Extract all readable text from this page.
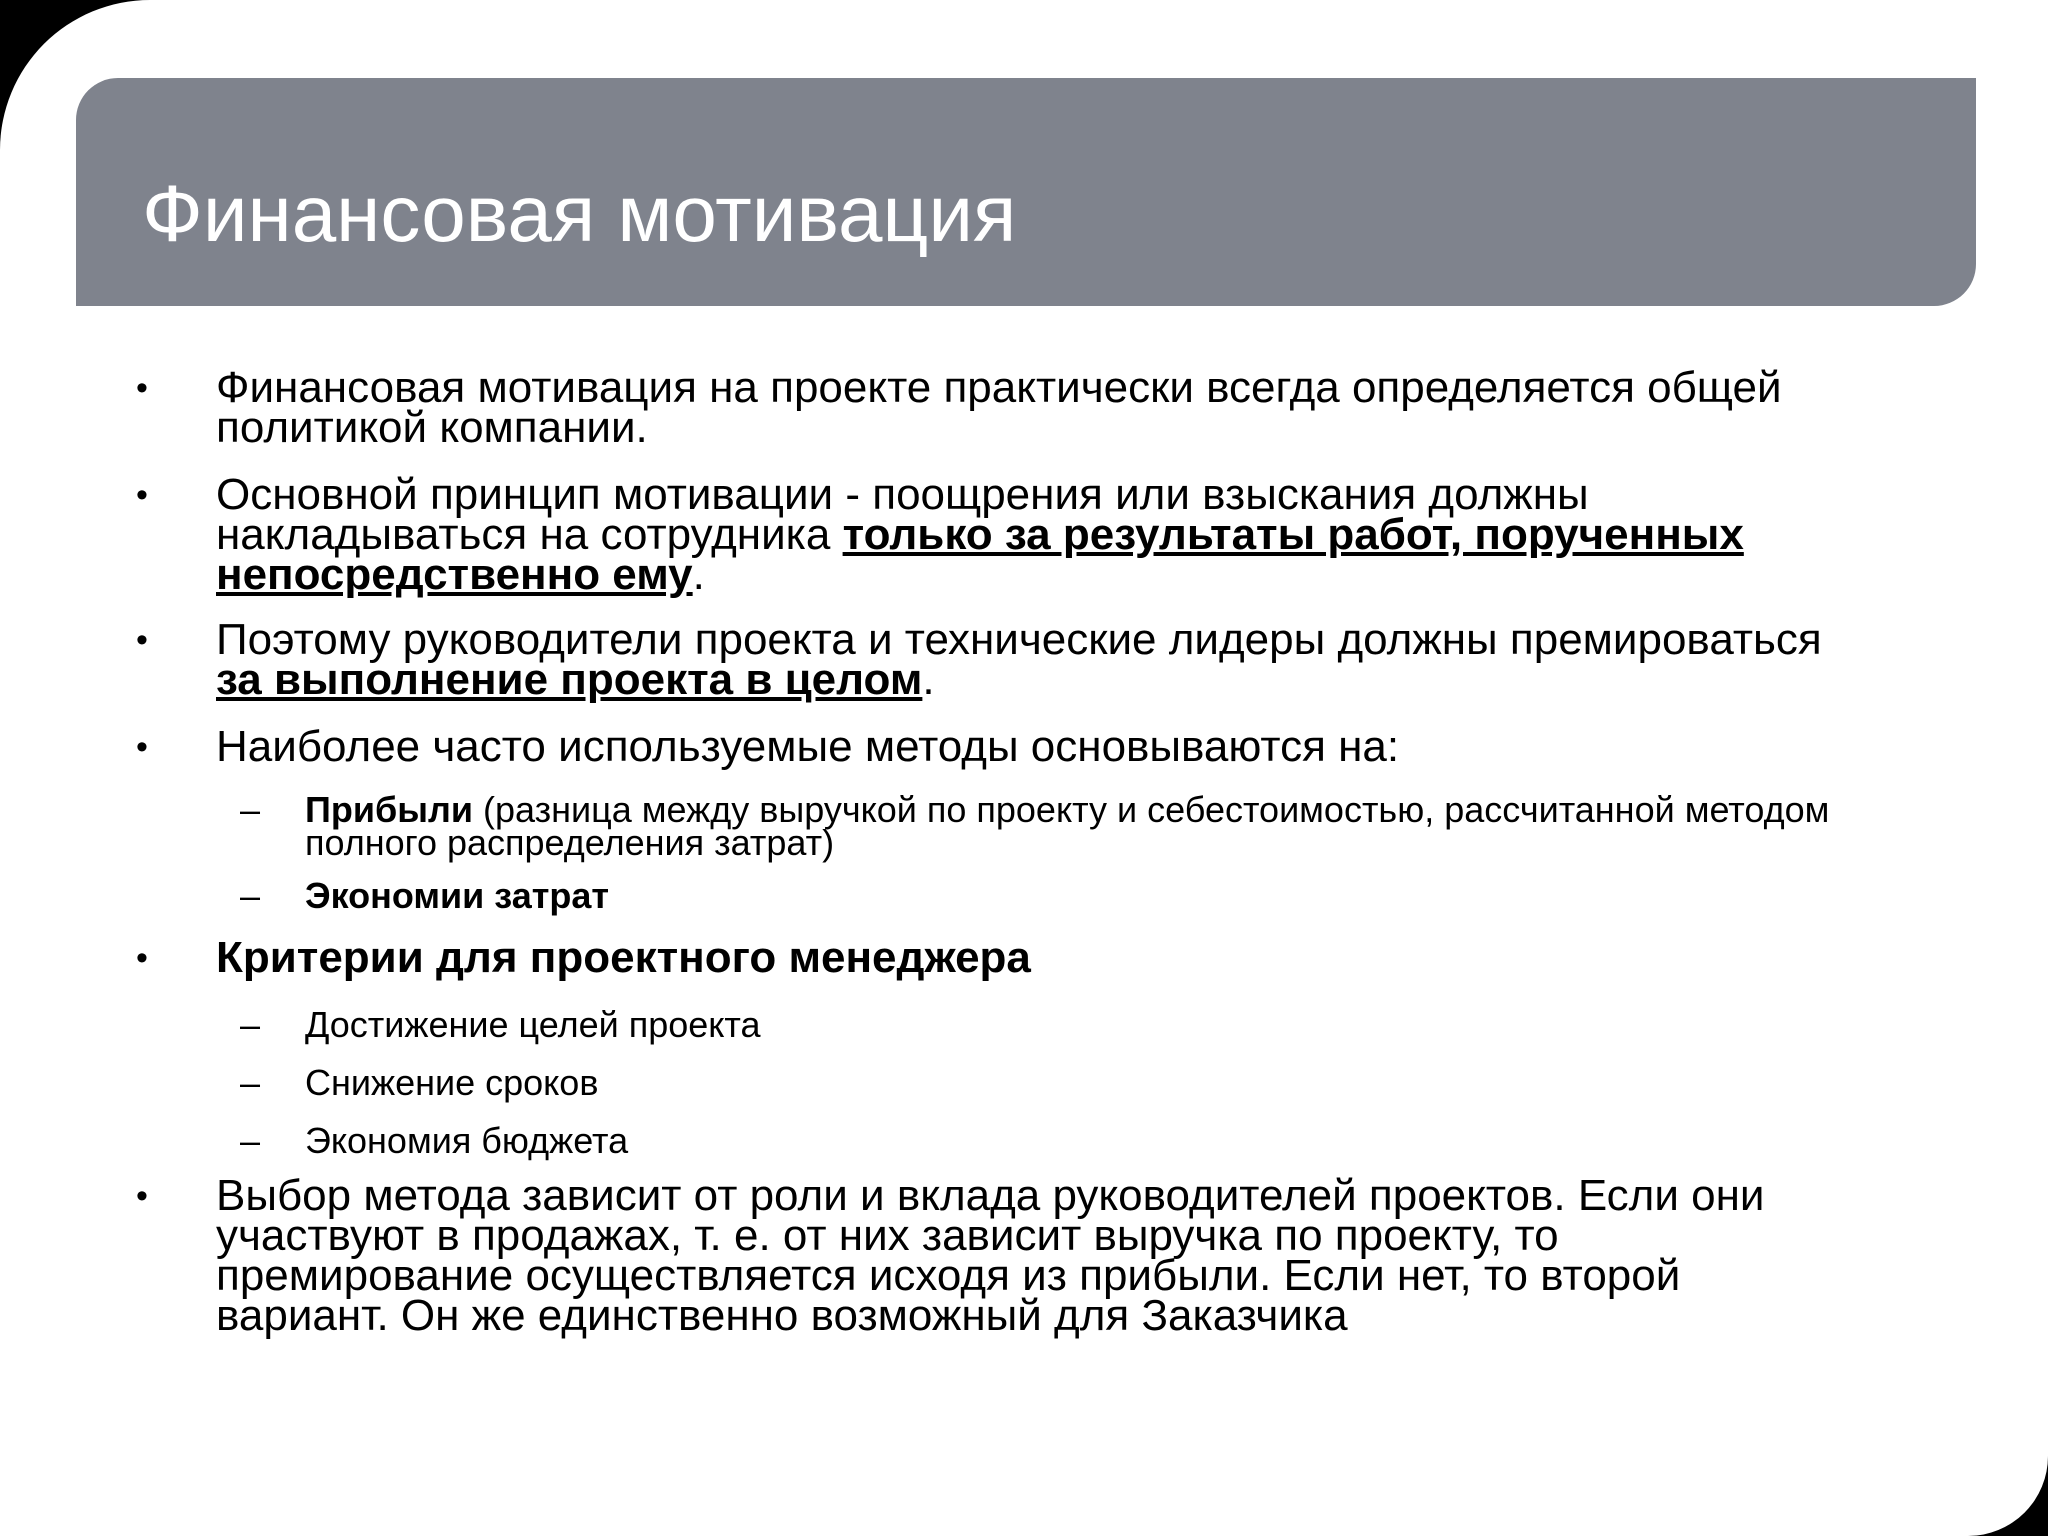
Финансовая мотивация
• Финансовая мотивация на проекте практически всегда определяется общей политикой компании.
• Основной принцип мотивации - поощрения или взыскания должны накладываться на сотрудника только за результаты работ, порученных непосредственно ему.
• Поэтому руководители проекта и технические лидеры должны премироваться за выполнение проекта в целом.
• Наиболее часто используемые методы основываются на:
– Прибыли (разница между выручкой по проекту и себестоимостью, рассчитанной методом полного распределения затрат)
– Экономии затрат
• Критерии для проектного менеджера
– Достижение целей проекта
– Снижение сроков
– Экономия бюджета
• Выбор метода зависит от роли и вклада руководителей проектов. Если они участвуют в продажах, т. е. от них зависит выручка по проекту, то премирование осуществляется исходя из прибыли. Если нет, то второй вариант. Он же единственно возможный для Заказчика
